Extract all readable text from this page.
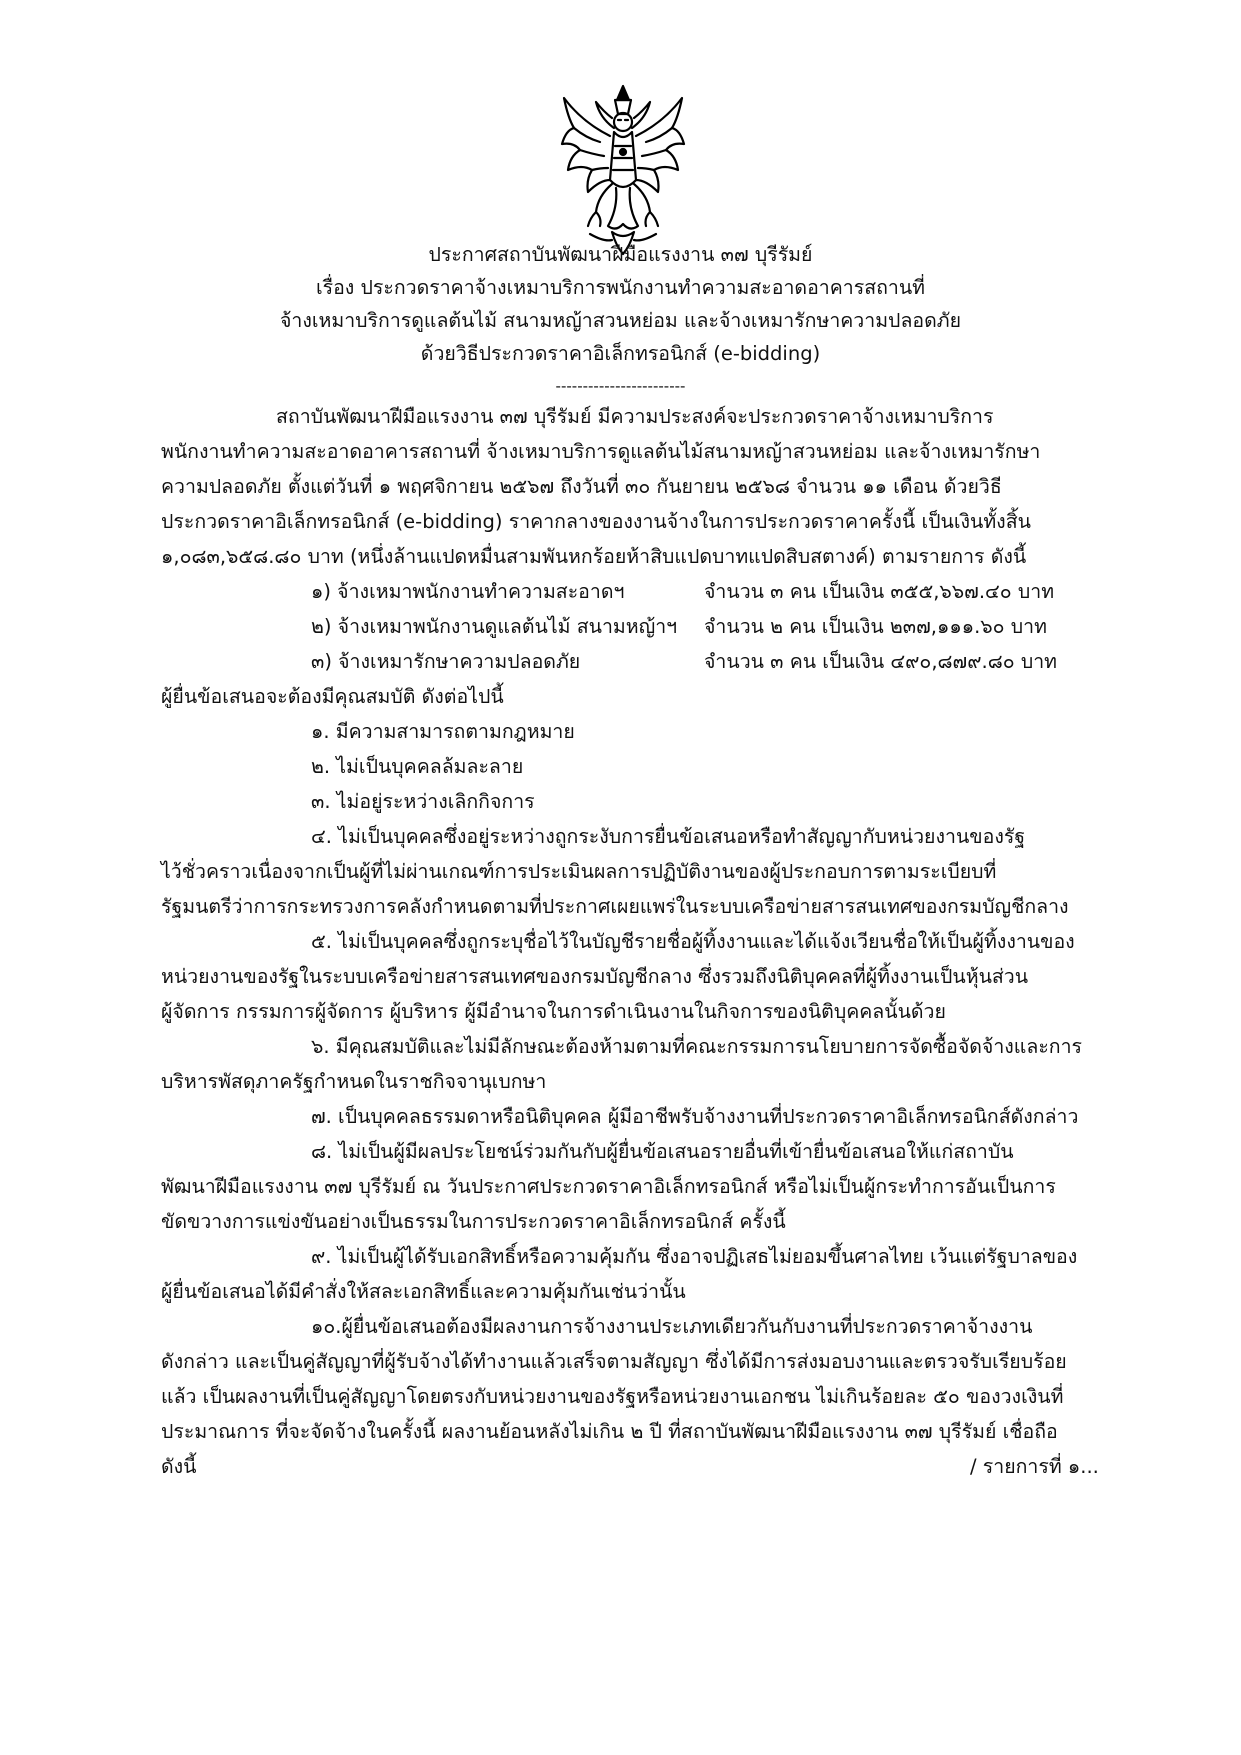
ประกาศสถาบันพัฒนาฝีมือแรงงาน ๓๗ บุรีรัมย์
เรื่อง ประกวดราคาจ้างเหมาบริการพนักงานทำความสะอาดอาคารสถานที่
จ้างเหมาบริการดูแลต้นไม้ สนามหญ้าสวนหย่อม และจ้างเหมารักษาความปลอดภัย
ด้วยวิธีประกวดราคาอิเล็กทรอนิกส์ (e-bidding)
------------------------
สถาบันพัฒนาฝีมือแรงงาน ๓๗ บุรีรัมย์ มีความประสงค์จะประกวดราคาจ้างเหมาบริการ
พนักงานทำความสะอาดอาคารสถานที่ จ้างเหมาบริการดูแลต้นไม้สนามหญ้าสวนหย่อม และจ้างเหมารักษา
ความปลอดภัย ตั้งแต่วันที่ ๑ พฤศจิกายน ๒๕๖๗ ถึงวันที่ ๓๐ กันยายน ๒๕๖๘ จำนวน ๑๑ เดือน ด้วยวิธี
ประกวดราคาอิเล็กทรอนิกส์ (e-bidding) ราคากลางของงานจ้างในการประกวดราคาครั้งนี้ เป็นเงินทั้งสิ้น
๑,๐๘๓,๖๕๘.๘๐ บาท (หนึ่งล้านแปดหมื่นสามพันหกร้อยห้าสิบแปดบาทแปดสิบสตางค์) ตามรายการ ดังนี้
๑) จ้างเหมาพนักงานทำความสะอาดฯ	จำนวน ๓ คน เป็นเงิน ๓๕๕,๖๖๗.๔๐ บาท
๒) จ้างเหมาพนักงานดูแลต้นไม้ สนามหญ้าฯ จำนวน ๒ คน เป็นเงิน ๒๓๗,๑๑๑.๖๐ บาท
๓) จ้างเหมารักษาความปลอดภัย	จำนวน ๓ คน เป็นเงิน ๔๙๐,๘๗๙.๘๐ บาท
ผู้ยื่นข้อเสนอจะต้องมีคุณสมบัติ ดังต่อไปนี้
๑. มีความสามารถตามกฎหมาย
๒. ไม่เป็นบุคคลล้มละลาย
๓. ไม่อยู่ระหว่างเลิกกิจการ
๔. ไม่เป็นบุคคลซึ่งอยู่ระหว่างถูกระงับการยื่นข้อเสนอหรือทำสัญญากับหน่วยงานของรัฐ
ไว้ชั่วคราวเนื่องจากเป็นผู้ที่ไม่ผ่านเกณฑ์การประเมินผลการปฏิบัติงานของผู้ประกอบการตามระเบียบที่
รัฐมนตรีว่าการกระทรวงการคลังกำหนดตามที่ประกาศเผยแพร่ในระบบเครือข่ายสารสนเทศของกรมบัญชีกลาง
๕. ไม่เป็นบุคคลซึ่งถูกระบุชื่อไว้ในบัญชีรายชื่อผู้ทิ้งงานและได้แจ้งเวียนชื่อให้เป็นผู้ทิ้งงานของ
หน่วยงานของรัฐในระบบเครือข่ายสารสนเทศของกรมบัญชีกลาง ซึ่งรวมถึงนิติบุคคลที่ผู้ทิ้งงานเป็นหุ้นส่วน
ผู้จัดการ กรรมการผู้จัดการ ผู้บริหาร ผู้มีอำนาจในการดำเนินงานในกิจการของนิติบุคคลนั้นด้วย
๖. มีคุณสมบัติและไม่มีลักษณะต้องห้ามตามที่คณะกรรมการนโยบายการจัดซื้อจัดจ้างและการ
บริหารพัสดุภาครัฐกำหนดในราชกิจจานุเบกษา
๗. เป็นบุคคลธรรมดาหรือนิติบุคคล ผู้มีอาชีพรับจ้างงานที่ประกวดราคาอิเล็กทรอนิกส์ดังกล่าว
๘. ไม่เป็นผู้มีผลประโยชน์ร่วมกันกับผู้ยื่นข้อเสนอรายอื่นที่เข้ายื่นข้อเสนอให้แก่สถาบัน
พัฒนาฝีมือแรงงาน ๓๗ บุรีรัมย์ ณ วันประกาศประกวดราคาอิเล็กทรอนิกส์ หรือไม่เป็นผู้กระทำการอันเป็นการ
ขัดขวางการแข่งขันอย่างเป็นธรรมในการประกวดราคาอิเล็กทรอนิกส์ ครั้งนี้
๙. ไม่เป็นผู้ได้รับเอกสิทธิ์หรือความคุ้มกัน ซึ่งอาจปฏิเสธไม่ยอมขึ้นศาลไทย เว้นแต่รัฐบาลของ
ผู้ยื่นข้อเสนอได้มีคำสั่งให้สละเอกสิทธิ์และความคุ้มกันเช่นว่านั้น
๑๐.ผู้ยื่นข้อเสนอต้องมีผลงานการจ้างงานประเภทเดียวกันกับงานที่ประกวดราคาจ้างงาน
ดังกล่าว และเป็นคู่สัญญาที่ผู้รับจ้างได้ทำงานแล้วเสร็จตามสัญญา ซึ่งได้มีการส่งมอบงานและตรวจรับเรียบร้อย
แล้ว เป็นผลงานที่เป็นคู่สัญญาโดยตรงกับหน่วยงานของรัฐหรือหน่วยงานเอกชน ไม่เกินร้อยละ ๕๐ ของวงเงินที่
ประมาณการ ที่จะจัดจ้างในครั้งนี้ ผลงานย้อนหลังไม่เกิน ๒ ปี ที่สถาบันพัฒนาฝีมือแรงงาน ๓๗ บุรีรัมย์ เชื่อถือ
ดังนี้	/ รายการที่ ๑...
